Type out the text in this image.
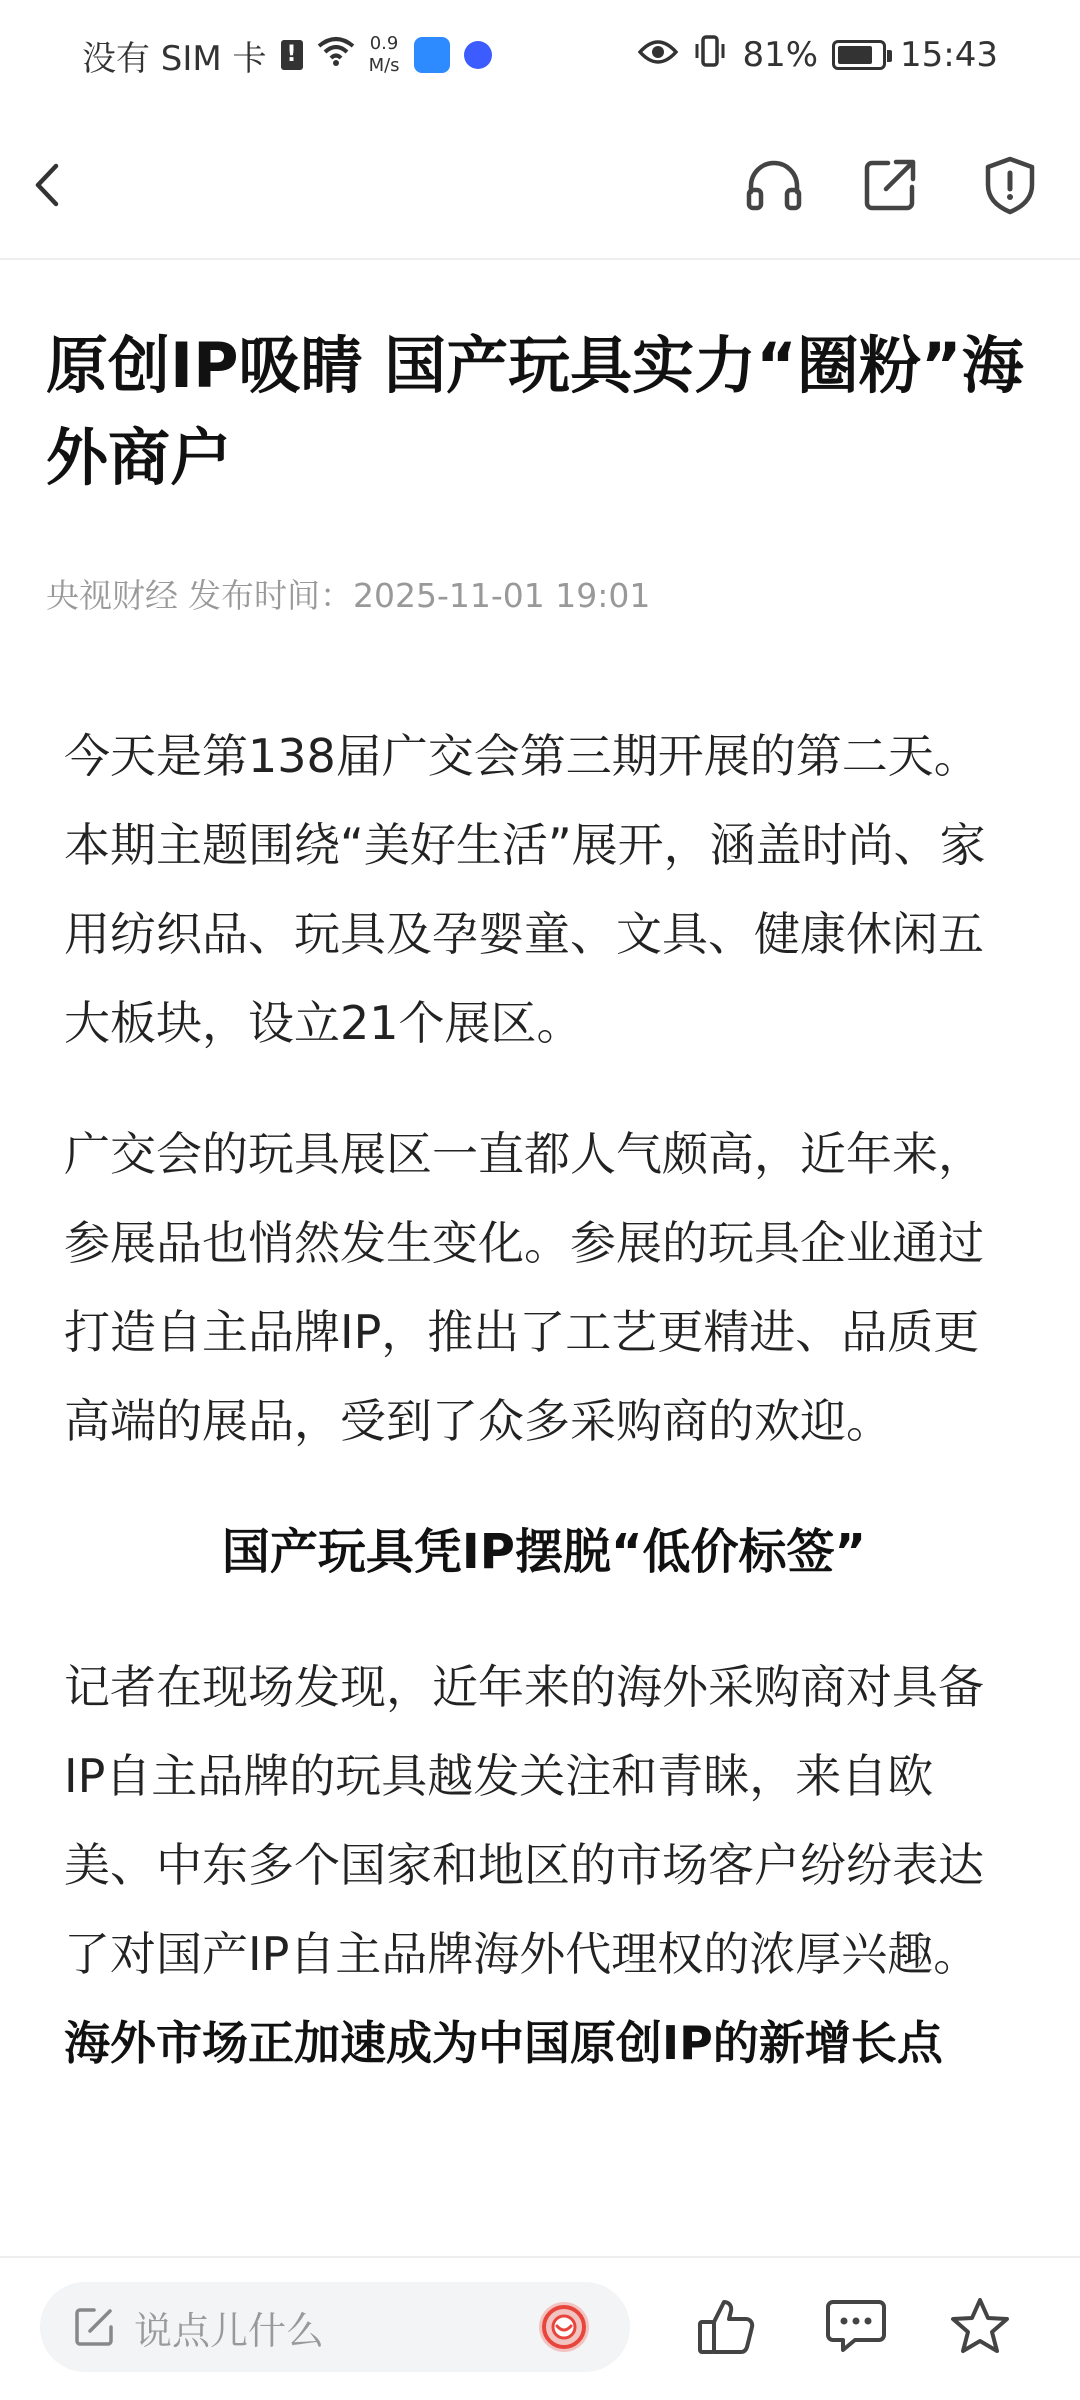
没有 SIM 卡 !	0.9
M/s	81% 15:43
原创IP吸睛 国产玩具实力“圈粉”海外商户
央视财经 发布时间：2025-11-01 19:01

今天是第138届广交会第三期开展的第二天。本期主题围绕“美好生活”展开，涵盖时尚、家用纺织品、玩具及孕婴童、文具、健康休闲五大板块，设立21个展区。

广交会的玩具展区一直都人气颇高，近年来，参展品也悄然发生变化。参展的玩具企业通过打造自主品牌IP，推出了工艺更精进、品质更高端的展品，受到了众多采购商的欢迎。

国产玩具凭IP摆脱“低价标签”

记者在现场发现，近年来的海外采购商对具备IP自主品牌的玩具越发关注和青睐，来自欧美、中东多个国家和地区的市场客户纷纷表达了对国产IP自主品牌海外代理权的浓厚兴趣。海外市场正加速成为中国原创IP的新增长点

说点儿什么
